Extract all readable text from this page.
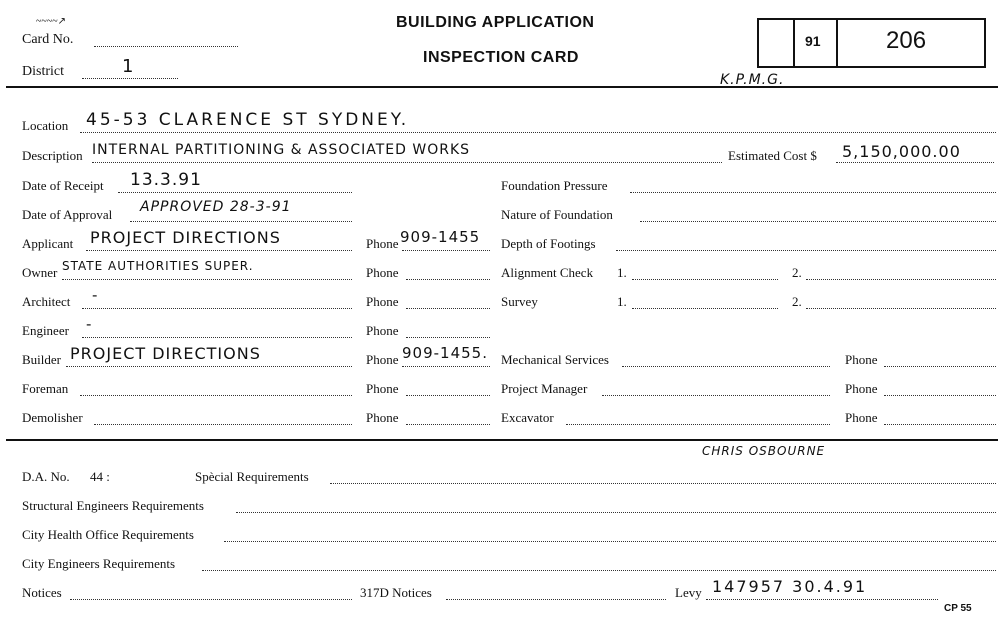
Card No.
~~~~↗
District	1
BUILDING APPLICATION
INSPECTION CARD
91	206
K.P.M.G.
Location 45-53 CLARENCE ST SYDNEY.
Description INTERNAL PARTITIONING & ASSOCIATED WORKS	Estimated Cost $ 5,150,000.00
Date of Receipt 13.3.91
Date of Approval APPROVED 28-3-91
Applicant PROJECT DIRECTIONS	Phone 909-1455
Owner STATE AUTHORITIES SUPER.	Phone
Architect -	Phone
Engineer -	Phone
Builder PROJECT DIRECTIONS	Phone 909-1455.
Foreman	Phone
Demolisher	Phone
Foundation Pressure
Nature of Foundation
Depth of Footings
Alignment Check 1.	2.
Survey	1.	2.
Mechanical Services	Phone
Project Manager	Phone
Excavator	Phone
CHRIS OSBOURNE
D.A. No. 44 :	Spècial Requirements
Structural Engineers Requirements
City Health Office Requirements
City Engineers Requirements
Notices	317D Notices	Levy 147957 30.4.91
CP 55
